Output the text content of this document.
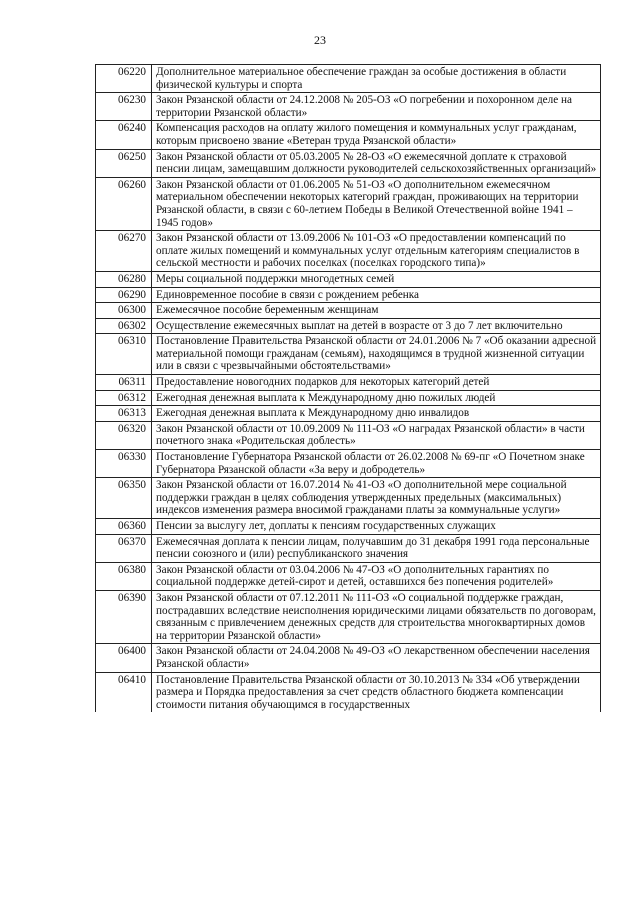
23
06220	Дополнительное материальное обеспечение граждан за особые достижения в области физической культуры и спорта
06230	Закон Рязанской области от 24.12.2008 № 205-ОЗ «О погребении и похоронном деле на территории Рязанской области»
06240	Компенсация расходов на оплату жилого помещения и коммунальных услуг гражданам, которым присвоено звание «Ветеран труда Рязанской области»
06250	Закон Рязанской области от 05.03.2005 № 28-ОЗ «О ежемесячной доплате к страховой пенсии лицам, замещавшим должности руководителей сельскохозяйственных организаций»
06260	Закон Рязанской области от 01.06.2005 № 51-ОЗ «О дополнительном ежемесячном материальном обеспечении некоторых категорий граждан, проживающих на территории Рязанской области, в связи с 60-летием Победы в Великой Отечественной войне 1941 – 1945 годов»
06270	Закон Рязанской области от 13.09.2006 № 101-ОЗ «О предоставлении компенсаций по оплате жилых помещений и коммунальных услуг отдельным категориям специалистов в сельской местности и рабочих поселках (поселках городского типа)»
06280	Меры социальной поддержки многодетных семей
06290	Единовременное пособие в связи с рождением ребенка
06300	Ежемесячное пособие беременным женщинам
06302	Осуществление ежемесячных выплат на детей в возрасте от 3 до 7 лет включительно
06310	Постановление Правительства Рязанской области от 24.01.2006 № 7 «Об оказании адресной материальной помощи гражданам (семьям), находящимся в трудной жизненной ситуации или в связи с чрезвычайными обстоятельствами»
06311	Предоставление новогодних подарков для некоторых категорий детей
06312	Ежегодная денежная выплата к Международному дню пожилых людей
06313	Ежегодная денежная выплата к Международному дню инвалидов
06320	Закон Рязанской области от 10.09.2009 № 111-ОЗ «О наградах Рязанской области» в части почетного знака «Родительская доблесть»
06330	Постановление Губернатора Рязанской области от 26.02.2008 № 69-пг «О Почетном знаке Губернатора Рязанской области «За веру и добродетель»
06350	Закон Рязанской области от 16.07.2014 № 41-ОЗ «О дополнительной мере социальной поддержки граждан в целях соблюдения утвержденных предельных (максимальных) индексов изменения размера вносимой гражданами платы за коммунальные услуги»
06360	Пенсии за выслугу лет, доплаты к пенсиям государственных служащих
06370	Ежемесячная доплата к пенсии лицам, получавшим до 31 декабря 1991 года персональные пенсии союзного и (или) республиканского значения
06380	Закон Рязанской области от 03.04.2006 № 47-ОЗ «О дополнительных гарантиях по социальной поддержке детей-сирот и детей, оставшихся без попечения родителей»
06390	Закон Рязанской области от 07.12.2011 № 111-ОЗ «О социальной поддержке граждан, пострадавших вследствие неисполнения юридическими лицами обязательств по договорам, связанным с привлечением денежных средств для строительства многоквартирных домов на территории Рязанской области»
06400	Закон Рязанской области от 24.04.2008 № 49-ОЗ «О лекарственном обеспечении населения Рязанской области»
06410	Постановление Правительства Рязанской области от 30.10.2013 № 334 «Об утверждении размера и Порядка предоставления за счет средств областного бюджета компенсации стоимости питания обучающимся в государственных
